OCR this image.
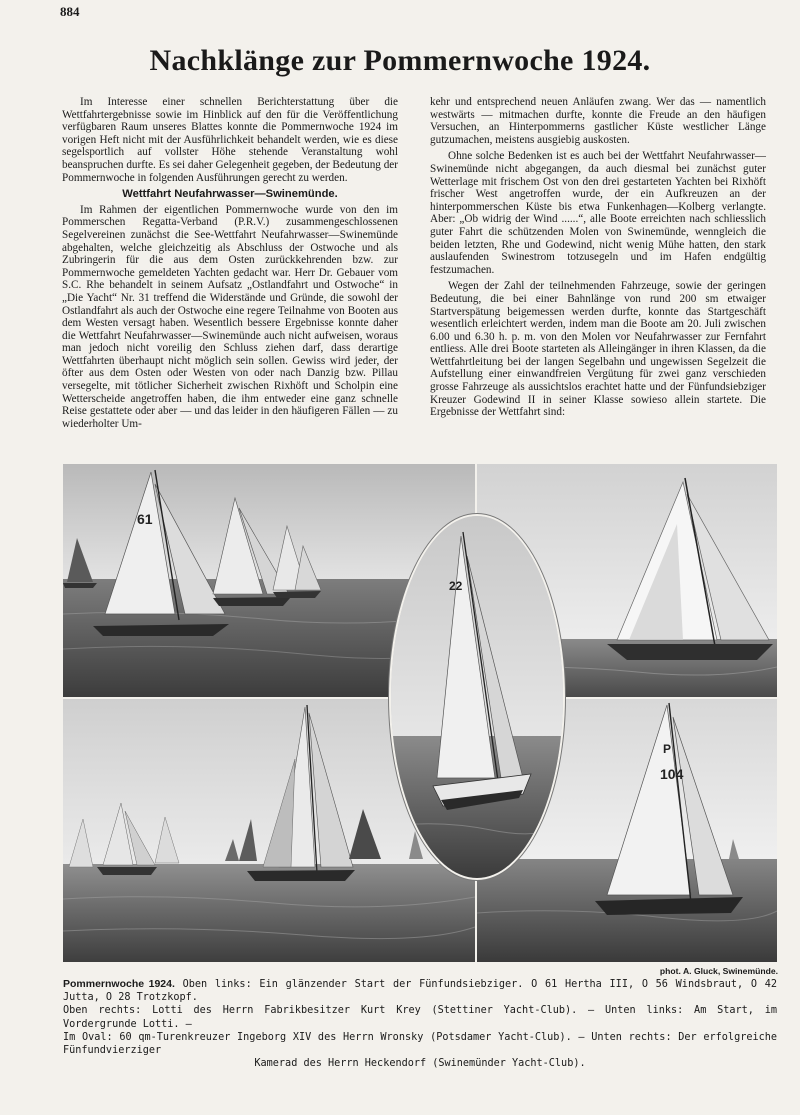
884
Nachklänge zur Pommernwoche 1924.

Im Interesse einer schnellen Berichterstattung über die Wettfahrtergebnisse sowie im Hinblick auf den für die Veröffentlichung verfügbaren Raum unseres Blattes konnte die Pommernwoche 1924 im vorigen Heft nicht mit der Ausführlichkeit behandelt werden, wie es diese segelsportlich auf vollster Höhe stehende Veranstaltung wohl beanspruchen durfte. Es sei daher Gelegenheit gegeben, der Bedeutung der Pommernwoche in folgenden Ausführungen gerecht zu werden.

Wettfahrt Neufahrwasser—Swinemünde.

Im Rahmen der eigentlichen Pommernwoche wurde von den im Pommerschen Regatta-Verband (P.R.V.) zusammengeschlossenen Segelvereinen zunächst die See-Wettfahrt Neufahrwasser—Swinemünde abgehalten, welche gleichzeitig als Abschluss der Ostwoche und als Zubringerin für die aus dem Osten zurückkehrenden bzw. zur Pommernwoche gemeldeten Yachten gedacht war. Herr Dr. Gebauer vom S.C. Rhe behandelt in seinem Aufsatz „Ostlandfahrt und Ostwoche“ in „Die Yacht“ Nr. 31 treffend die Widerstände und Gründe, die sowohl der Ostlandfahrt als auch der Ostwoche eine regere Teilnahme von Booten aus dem Westen versagt haben. Wesentlich bessere Ergebnisse konnte daher die Wettfahrt Neufahrwasser—Swinemünde auch nicht aufweisen, woraus man jedoch nicht voreilig den Schluss ziehen darf, dass derartige Wettfahrten überhaupt nicht möglich sein sollen. Gewiss wird jeder, der öfter aus dem Osten oder Westen von oder nach Danzig bzw. Pillau versegelte, mit tötlicher Sicherheit zwischen Rixhöft und Scholpin eine Wetterscheide angetroffen haben, die ihm entweder eine ganz schnelle Reise gestattete oder aber — und das leider in den häufigeren Fällen — zu wiederholter Um-

kehr und entsprechend neuen Anläufen zwang. Wer das — namentlich westwärts — mitmachen durfte, konnte die Freude an den häufigen Versuchen, an Hinterpommerns gastlicher Küste westlicher Länge gutzumachen, meistens ausgiebig auskosten.

Ohne solche Bedenken ist es auch bei der Wettfahrt Neufahrwasser—Swinemünde nicht abgegangen, da auch diesmal bei zunächst guter Wetterlage mit frischem Ost von den drei gestarteten Yachten bei Rixhöft frischer West angetroffen wurde, der ein Aufkreuzen an der hinterpommerschen Küste bis etwa Funkenhagen—Kolberg verlangte. Aber: „Ob widrig der Wind ......“, alle Boote erreichten nach schliesslich guter Fahrt die schützenden Molen von Swinemünde, wenngleich die beiden letzten, Rhe und Godewind, nicht wenig Mühe hatten, den stark auslaufenden Swinestrom totzusegeln und im Hafen endgültig festzumachen.

Wegen der Zahl der teilnehmenden Fahrzeuge, sowie der geringen Bedeutung, die bei einer Bahnlänge von rund 200 sm etwaiger Startverspätung beigemessen werden durfte, konnte das Startgeschäft wesentlich erleichtert werden, indem man die Boote am 20. Juli zwischen 6.00 und 6.30 h. p. m. von den Molen vor Neufahrwasser zur Fernfahrt entliess. Alle drei Boote starteten als Alleingänger in ihren Klassen, da die Wettfahrtleitung bei der langen Segelbahn und ungewissen Segelzeit die Aufstellung einer einwandfreien Vergütung für zwei ganz verschieden grosse Fahrzeuge als aussichtslos erachtet hatte und der Fünfundsiebziger Kreuzer Godewind II in seiner Klasse sowieso allein startete. Die Ergebnisse der Wettfahrt sind:

61
P
104
22
phot. A. Gluck, Swinemünde.
Pommernwoche 1924. Oben links: Ein glänzender Start der Fünfundsiebziger. O 61 Hertha III, O 56 Windsbraut, O 42 Jutta, O 28 Trotzkopf.
Oben rechts: Lotti des Herrn Fabrikbesitzer Kurt Krey (Stettiner Yacht-Club). — Unten links: Am Start, im Vordergrunde Lotti. —
Im Oval: 60 qm-Turenkreuzer Ingeborg XIV des Herrn Wronsky (Potsdamer Yacht-Club). — Unten rechts: Der erfolgreiche Fünfundvierziger

Kamerad des Herrn Heckendorf (Swinemünder Yacht-Club).
